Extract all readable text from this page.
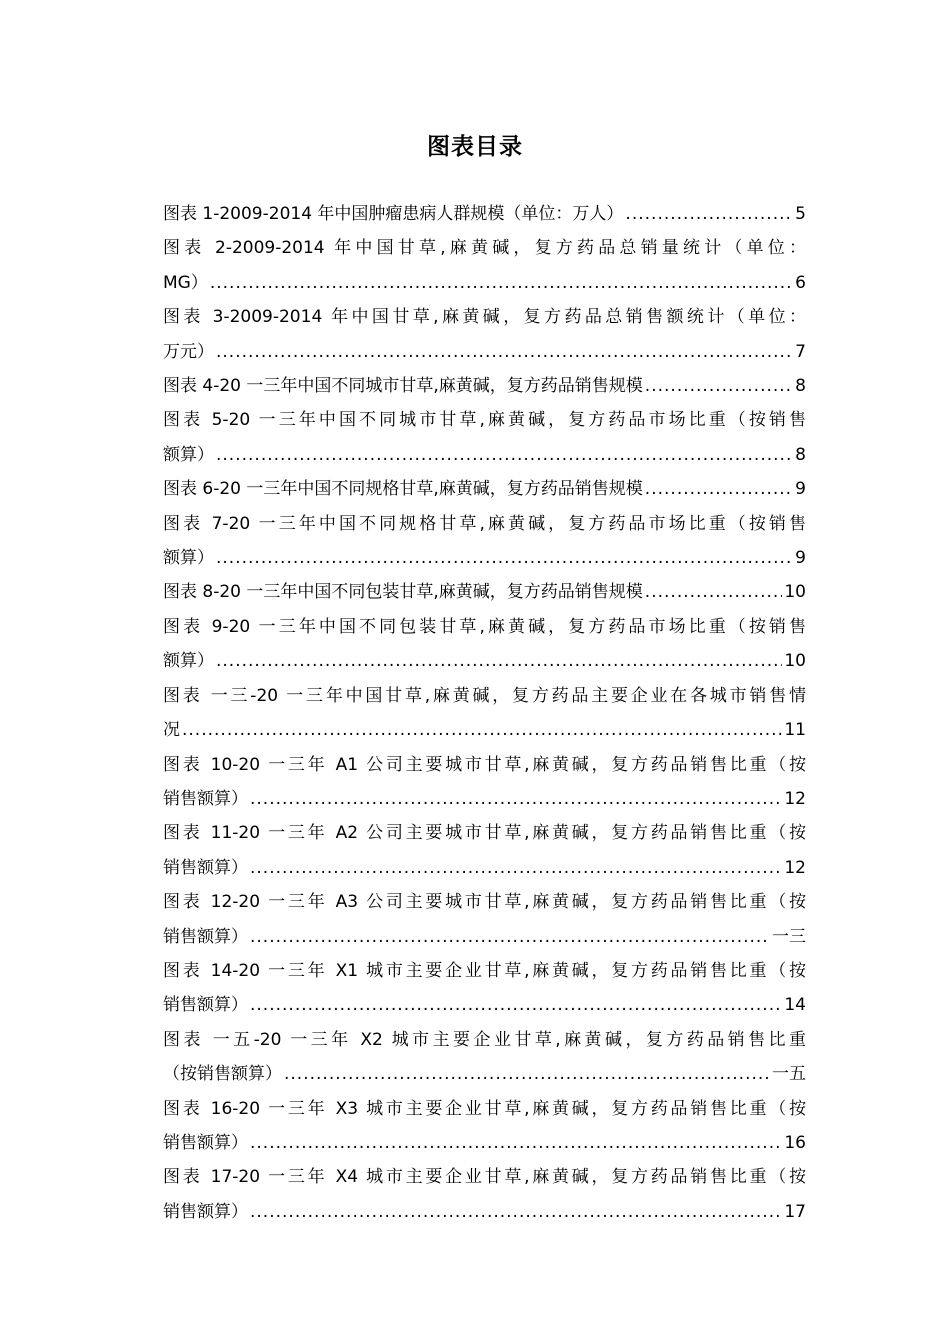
图表目录
图表 1-2009-2014 年中国肿瘤患病人群规模（单位：万人） .....	5
图表 2-2009-2014 年中国甘草,麻黄碱，复方药品总销量统计（单位：
MG） .....	6
图表 3-2009-2014 年中国甘草,麻黄碱，复方药品总销售额统计（单位：
万元） .....	7
图表 4-20 一三年中国不同城市甘草,麻黄碱，复方药品销售规模 .....	8
图表 5-20 一三年中国不同城市甘草,麻黄碱，复方药品市场比重（按销售
额算） .....	8
图表 6-20 一三年中国不同规格甘草,麻黄碱，复方药品销售规模 .....	9
图表 7-20 一三年中国不同规格甘草,麻黄碱，复方药品市场比重（按销售
额算） .....	9
图表 8-20 一三年中国不同包装甘草,麻黄碱，复方药品销售规模 .....	10
图表 9-20 一三年中国不同包装甘草,麻黄碱，复方药品市场比重（按销售
额算） .....	10
图表 一三-20 一三年中国甘草,麻黄碱，复方药品主要企业在各城市销售情
况 .....	11
图表 10-20 一三年 A1 公司主要城市甘草,麻黄碱，复方药品销售比重（按
销售额算） .....	12
图表 11-20 一三年 A2 公司主要城市甘草,麻黄碱，复方药品销售比重（按
销售额算） .....	12
图表 12-20 一三年 A3 公司主要城市甘草,麻黄碱，复方药品销售比重（按
销售额算） .....	一三
图表 14-20 一三年 X1 城市主要企业甘草,麻黄碱，复方药品销售比重（按
销售额算） .....	14
图表 一五-20 一三年 X2 城市主要企业甘草,麻黄碱，复方药品销售比重
（按销售额算） .....	一五
图表 16-20 一三年 X3 城市主要企业甘草,麻黄碱，复方药品销售比重（按
销售额算） .....	16
图表 17-20 一三年 X4 城市主要企业甘草,麻黄碱，复方药品销售比重（按
销售额算） .....	17
